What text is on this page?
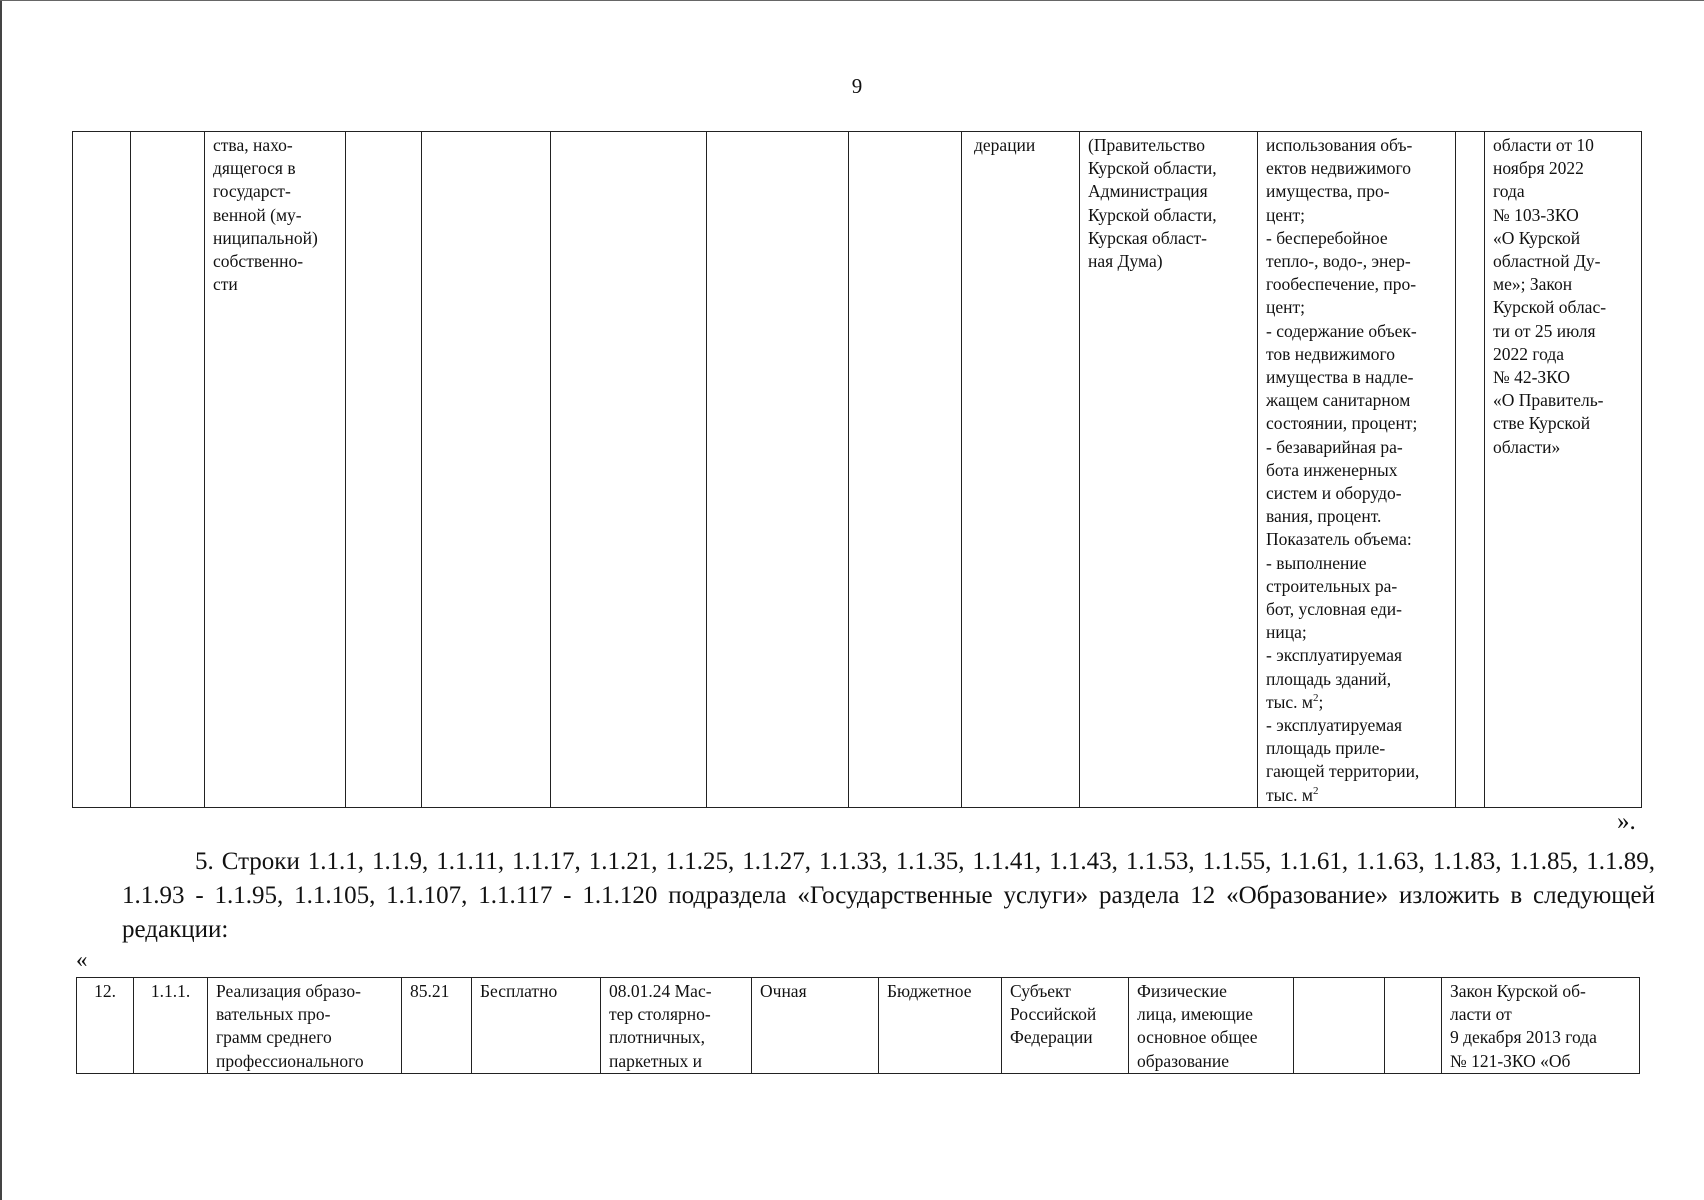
9
		ства, нахо-
дящегося в
государст-
венной (му-
ниципальной)
собственно-
сти						дерации	(Правительство
Курской области,
Администрация
Курской области,
Курская област-
ная Дума)	использования объ-
ектов недвижимого
имущества, про-
цент;
- бесперебойное
тепло-, водо-, энер-
гообеспечение, про-
цент;
- содержание объек-
тов недвижимого
имущества в надле-
жащем санитарном
состоянии, процент;
- безаварийная ра-
бота инженерных
систем и оборудо-
вания, процент.
Показатель объема:
- выполнение
строительных ра-
бот, условная еди-
ница;
- эксплуатируемая
площадь зданий,
тыс. $м^2$;
- эксплуатируемая
площадь приле-
гающей территории,
тыс. $м^2$		области от 10
ноября 2022
года
№ 103-ЗКО
«О Курской
областной Ду-
ме»; Закон
Курской облас-
ти от 25 июля
2022 года
№ 42-ЗКО
«О Правитель-
стве Курской
области»
».
5. Строки 1.1.1, 1.1.9, 1.1.11, 1.1.17, 1.1.21, 1.1.25, 1.1.27, 1.1.33, 1.1.35, 1.1.41, 1.1.43, 1.1.53, 1.1.55, 1.1.61, 1.1.63, 1.1.83, 1.1.85, 1.1.89, 1.1.93 - 1.1.95, 1.1.105, 1.1.107, 1.1.117 - 1.1.120 подраздела «Государственные услуги» раздела 12 «Образование» изложить в следующей редакции:
«
12.	1.1.1.	Реализация образо-
вательных про-
грамм среднего
профессионального	85.21	Бесплатно	08.01.24 Мас-
тер столярно-
плотничных,
паркетных и	Очная	Бюджетное	Субъект
Российской
Федерации	Физические
лица, имеющие
основное общее
образование			Закон Курской об-
ласти от
9 декабря 2013 года
№ 121-ЗКО «Об
